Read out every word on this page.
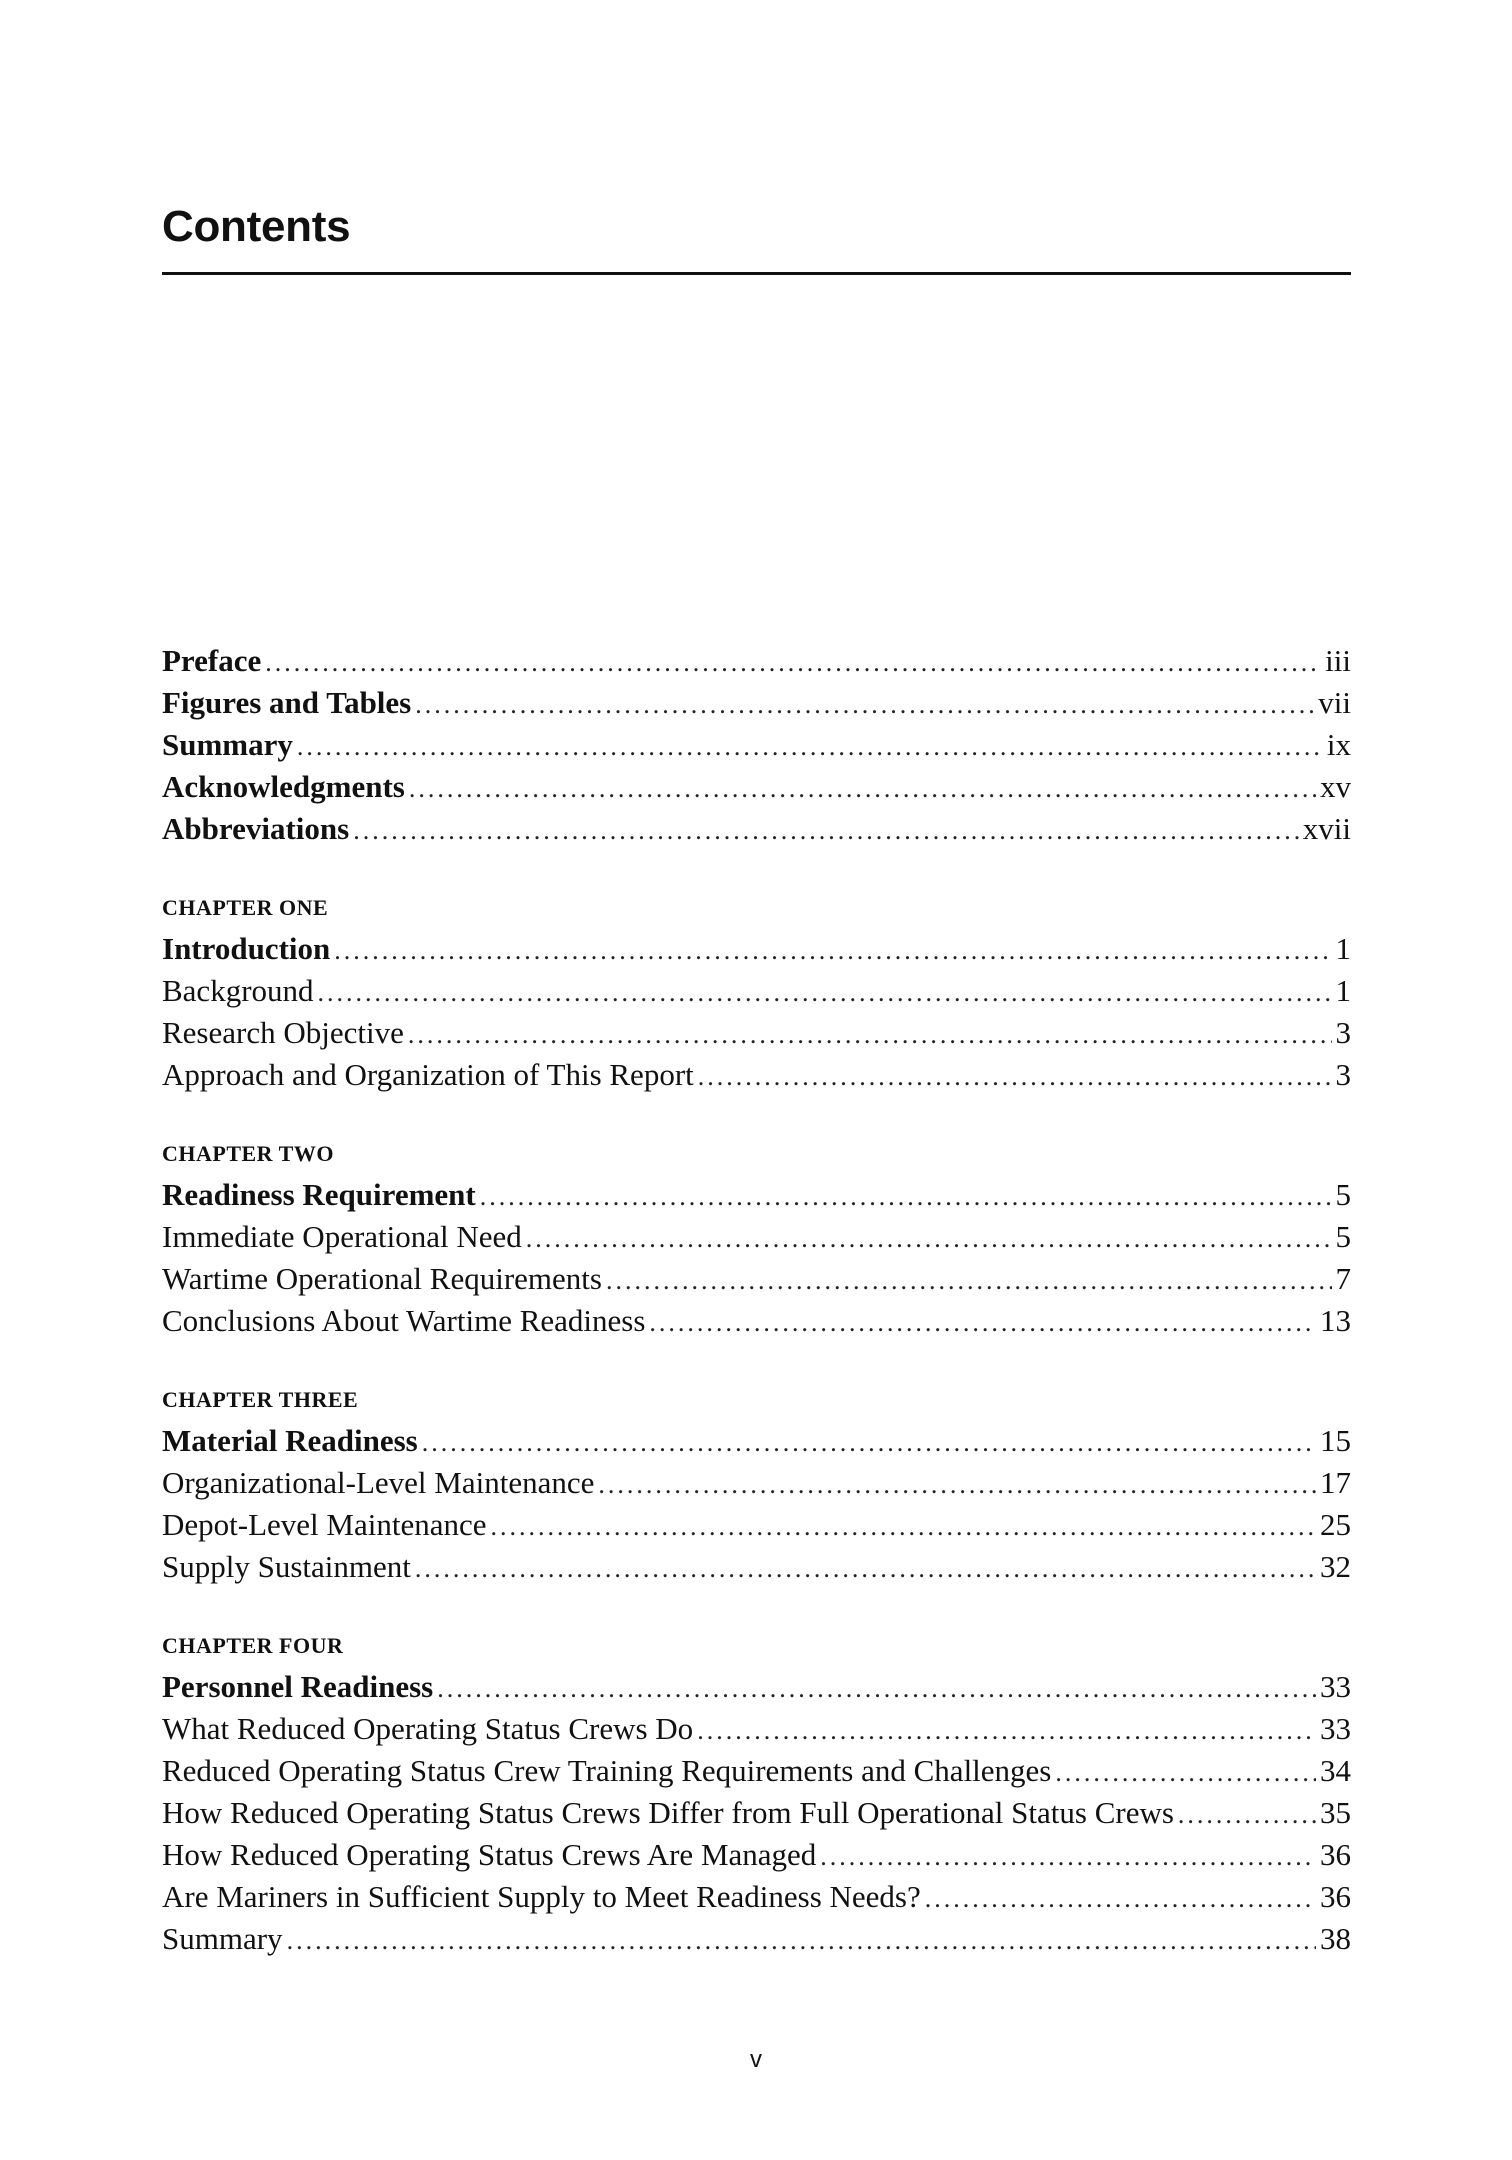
Contents
Preface .....	iii
Figures and Tables .....	vii
Summary .....	ix
Acknowledgments .....	xv
Abbreviations .....	xvii
CHAPTER ONE
Introduction .....	1
Background .....	1
Research Objective .....	3
Approach and Organization of This Report .....	3
CHAPTER TWO
Readiness Requirement .....	5
Immediate Operational Need .....	5
Wartime Operational Requirements .....	7
Conclusions About Wartime Readiness .....	13
CHAPTER THREE
Material Readiness .....	15
Organizational-Level Maintenance .....	17
Depot-Level Maintenance .....	25
Supply Sustainment .....	32
CHAPTER FOUR
Personnel Readiness .....	33
What Reduced Operating Status Crews Do .....	33
Reduced Operating Status Crew Training Requirements and Challenges .....	34
How Reduced Operating Status Crews Differ from Full Operational Status Crews .....	35
How Reduced Operating Status Crews Are Managed .....	36
Are Mariners in Sufficient Supply to Meet Readiness Needs? .....	36
Summary .....	38
v
